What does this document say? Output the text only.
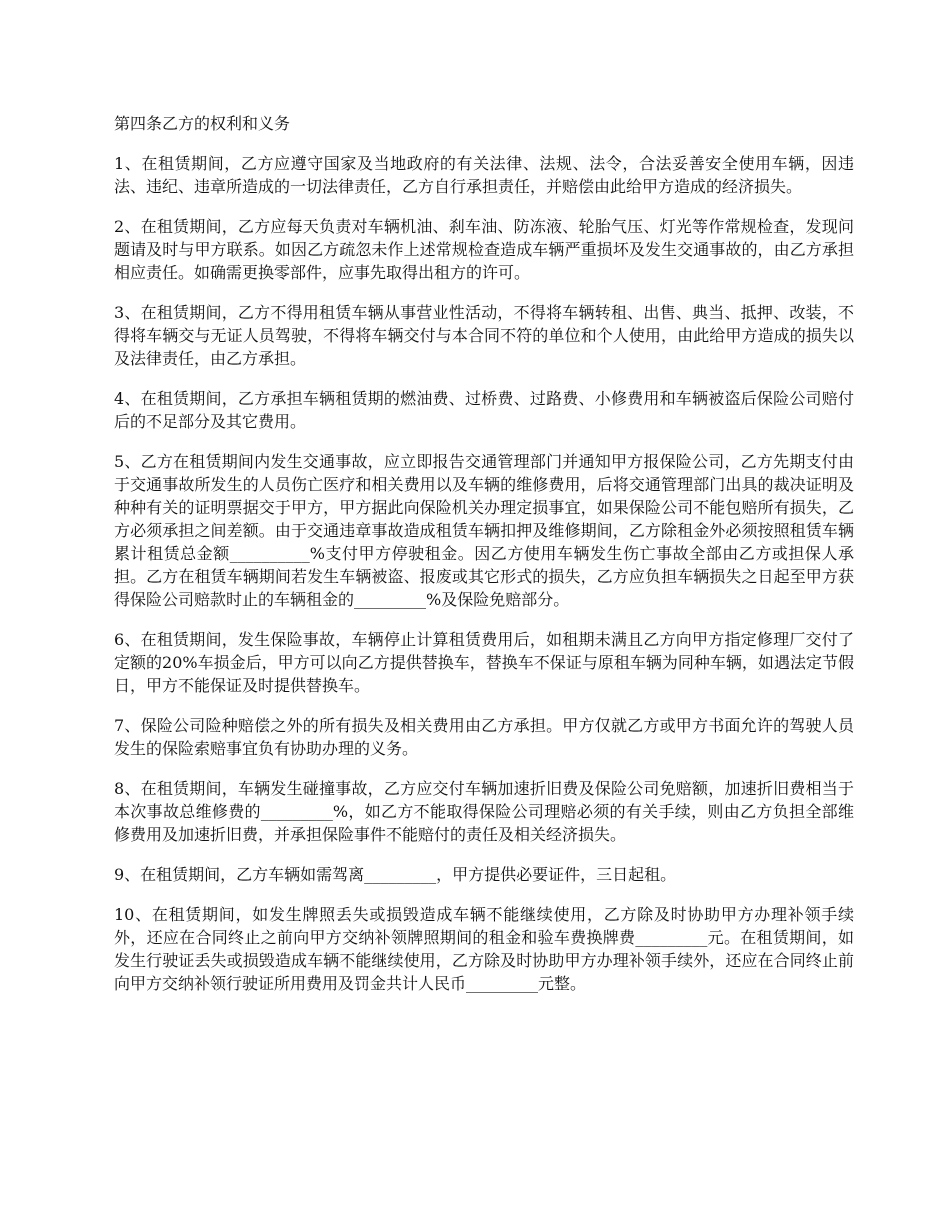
第四条乙方的权利和义务

1、在租赁期间，乙方应遵守国家及当地政府的有关法律、法规、法令，合法妥善安全使用车辆，因违法、违纪、违章所造成的一切法律责任，乙方自行承担责任，并赔偿由此给甲方造成的经济损失。

2、在租赁期间，乙方应每天负责对车辆机油、刹车油、防冻液、轮胎气压、灯光等作常规检查，发现问题请及时与甲方联系。如因乙方疏忽未作上述常规检查造成车辆严重损坏及发生交通事故的，由乙方承担相应责任。如确需更换零部件，应事先取得出租方的许可。

3、在租赁期间，乙方不得用租赁车辆从事营业性活动，不得将车辆转租、出售、典当、抵押、改装，不得将车辆交与无证人员驾驶，不得将车辆交付与本合同不符的单位和个人使用，由此给甲方造成的损失以及法律责任，由乙方承担。

4、在租赁期间，乙方承担车辆租赁期的燃油费、过桥费、过路费、小修费用和车辆被盗后保险公司赔付后的不足部分及其它费用。

5、乙方在租赁期间内发生交通事故，应立即报告交通管理部门并通知甲方报保险公司，乙方先期支付由于交通事故所发生的人员伤亡医疗和相关费用以及车辆的维修费用，后将交通管理部门出具的裁决证明及种种有关的证明票据交于甲方，甲方据此向保险机关办理定损事宜，如果保险公司不能包赔所有损失，乙方必须承担之间差额。由于交通违章事故造成租赁车辆扣押及维修期间，乙方除租金外必须按照租赁车辆累计租赁总金额__________%支付甲方停驶租金。因乙方使用车辆发生伤亡事故全部由乙方或担保人承担。乙方在租赁车辆期间若发生车辆被盗、报废或其它形式的损失，乙方应负担车辆损失之日起至甲方获得保险公司赔款时止的车辆租金的_________%及保险免赔部分。

6、在租赁期间，发生保险事故，车辆停止计算租赁费用后，如租期未满且乙方向甲方指定修理厂交付了定额的20%车损金后，甲方可以向乙方提供替换车，替换车不保证与原租车辆为同种车辆，如遇法定节假日，甲方不能保证及时提供替换车。

7、保险公司险种赔偿之外的所有损失及相关费用由乙方承担。甲方仅就乙方或甲方书面允许的驾驶人员发生的保险索赔事宜负有协助办理的义务。

8、在租赁期间，车辆发生碰撞事故，乙方应交付车辆加速折旧费及保险公司免赔额，加速折旧费相当于本次事故总维修费的_________%，如乙方不能取得保险公司理赔必须的有关手续，则由乙方负担全部维修费用及加速折旧费，并承担保险事件不能赔付的责任及相关经济损失。

9、在租赁期间，乙方车辆如需驾离_________，甲方提供必要证件，三日起租。

10、在租赁期间，如发生牌照丢失或损毁造成车辆不能继续使用，乙方除及时协助甲方办理补领手续外，还应在合同终止之前向甲方交纳补领牌照期间的租金和验车费换牌费_________元。在租赁期间，如发生行驶证丢失或损毁造成车辆不能继续使用，乙方除及时协助甲方办理补领手续外，还应在合同终止前向甲方交纳补领行驶证所用费用及罚金共计人民币_________元整。
